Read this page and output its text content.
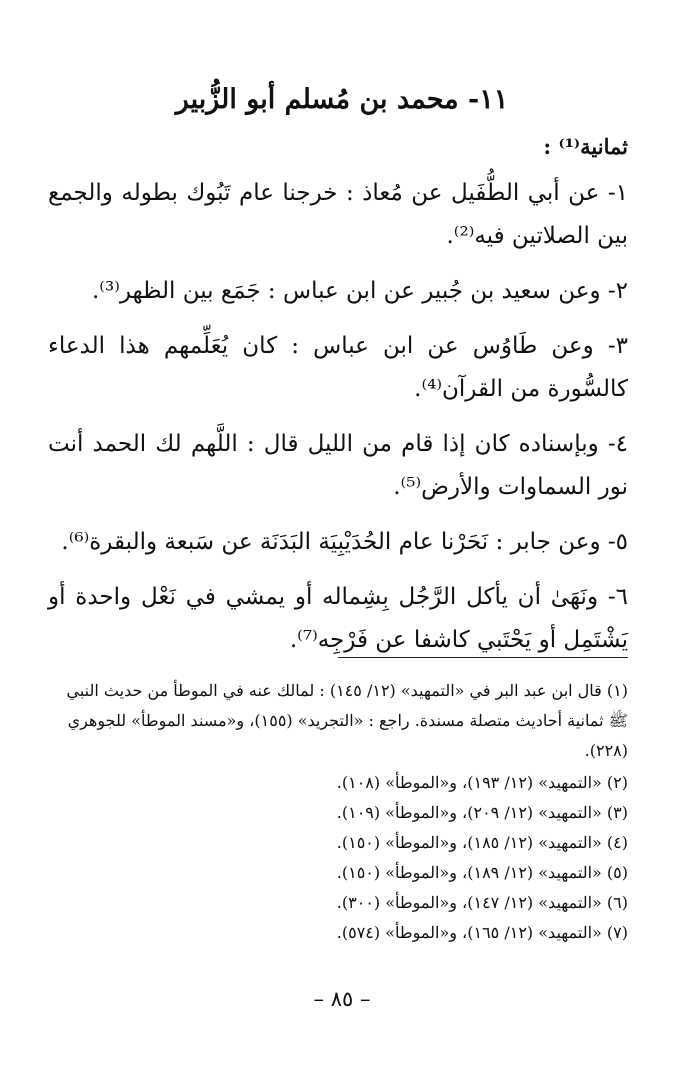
١١- محمد بن مُسلم أبو الزُّبير
ثمانية⁽¹⁾ :

١- عن أبي الطُّفَيل عن مُعاذ : خرجنا عام تَبُوك بطوله والجمع بين الصلاتين فيه⁽²⁾.

٢- وعن سعيد بن جُبير عن ابن عباس : جَمَع بين الظهر⁽³⁾.

٣- وعن طَاوُس عن ابن عباس : كان يُعَلِّمهم هذا الدعاء كالسُّورة من القرآن⁽⁴⁾.

٤- وبإسناده كان إذا قام من الليل قال : اللَّهم لك الحمد أنت نور السماوات والأرض⁽⁵⁾.

٥- وعن جابر : نَحَرْنا عام الحُدَيْبِيَة البَدَنَة عن سَبعة والبقرة⁽⁶⁾.

٦- ونَهَىٰ أن يأكل الرَّجُل بِشِماله أو يمشي في نَعْل واحدة أو يَشْتَمِل أو يَحْتَبي كاشفا عن فَرْجِه⁽⁷⁾.

(١) قال ابن عبد البر في «التمهيد» (١٢/ ١٤٥) : لمالك عنه في الموطأ من حديث النبي ﷺ ثمانية أحاديث متصلة مسندة. راجع : «التجريد» (١٥٥)، و«مسند الموطأ» للجوهري (٢٢٨).
(٢) «التمهيد» (١٢/ ١٩٣)، و«الموطأ» (١٠٨).
(٣) «التمهيد» (١٢/ ٢٠٩)، و«الموطأ» (١٠٩).
(٤) «التمهيد» (١٢/ ١٨٥)، و«الموطأ» (١٥٠).
(٥) «التمهيد» (١٢/ ١٨٩)، و«الموطأ» (١٥٠).
(٦) «التمهيد» (١٢/ ١٤٧)، و«الموطأ» (٣٠٠).
(٧) «التمهيد» (١٢/ ١٦٥)، و«الموطأ» (٥٧٤).
– ٨٥ –
